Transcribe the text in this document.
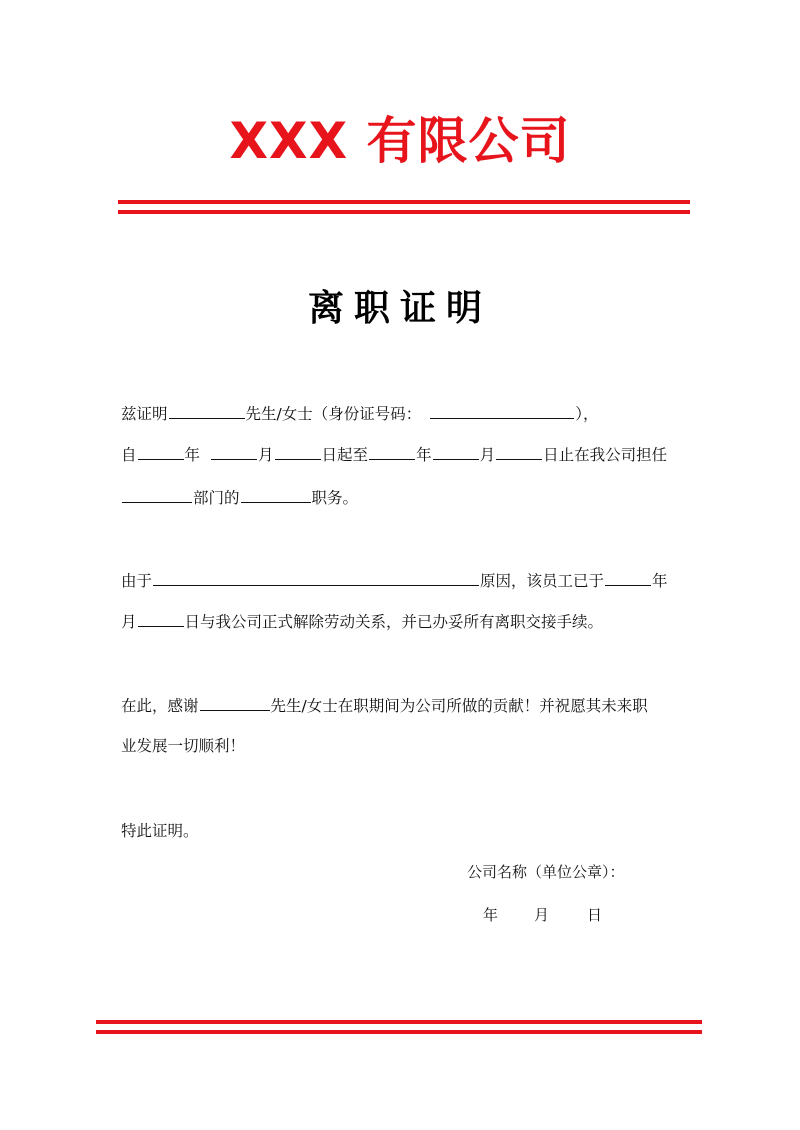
XXX 有限公司
离职证明
兹证明	先生/女士（身份证号码：	），
自	年	月	日起至	年	月	日止在我公司担任
部门的	职务。
由于	原因，该员工已于	年
月	日与我公司正式解除劳动关系，并已办妥所有离职交接手续。
在此，感谢	先生/女士在职期间为公司所做的贡献！并祝愿其未来职
业发展一切顺利！
特此证明。
公司名称（单位公章）：
年 月	日
